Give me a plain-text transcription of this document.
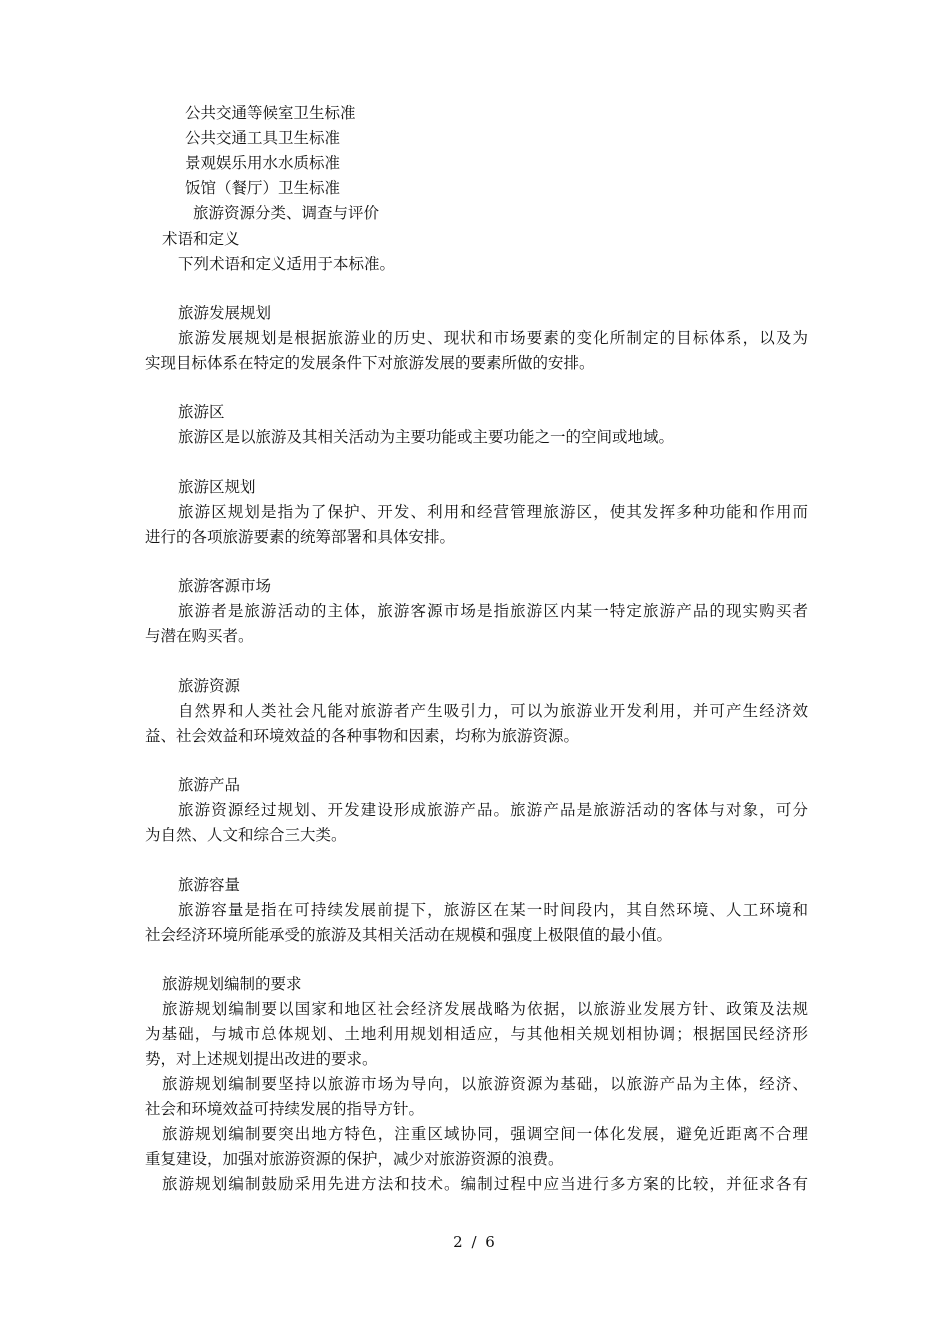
公共交通等候室卫生标准
公共交通工具卫生标准
景观娱乐用水水质标准
饭馆（餐厅）卫生标准
旅游资源分类、调查与评价
术语和定义
下列术语和定义适用于本标准。
旅游发展规划
旅游发展规划是根据旅游业的历史、现状和市场要素的变化所制定的目标体系，以及为
实现目标体系在特定的发展条件下对旅游发展的要素所做的安排。
旅游区
旅游区是以旅游及其相关活动为主要功能或主要功能之一的空间或地域。
旅游区规划
旅游区规划是指为了保护、开发、利用和经营管理旅游区，使其发挥多种功能和作用而
进行的各项旅游要素的统筹部署和具体安排。
旅游客源市场
旅游者是旅游活动的主体，旅游客源市场是指旅游区内某一特定旅游产品的现实购买者
与潜在购买者。
旅游资源
自然界和人类社会凡能对旅游者产生吸引力，可以为旅游业开发利用，并可产生经济效
益、社会效益和环境效益的各种事物和因素，均称为旅游资源。
旅游产品
旅游资源经过规划、开发建设形成旅游产品。旅游产品是旅游活动的客体与对象，可分
为自然、人文和综合三大类。
旅游容量
旅游容量是指在可持续发展前提下，旅游区在某一时间段内，其自然环境、人工环境和
社会经济环境所能承受的旅游及其相关活动在规模和强度上极限值的最小值。
旅游规划编制的要求
旅游规划编制要以国家和地区社会经济发展战略为依据，以旅游业发展方针、政策及法规
为基础，与城市总体规划、土地利用规划相适应，与其他相关规划相协调；根据国民经济形
势，对上述规划提出改进的要求。
旅游规划编制要坚持以旅游市场为导向，以旅游资源为基础，以旅游产品为主体，经济、
社会和环境效益可持续发展的指导方针。
旅游规划编制要突出地方特色，注重区域协同，强调空间一体化发展，避免近距离不合理
重复建设，加强对旅游资源的保护，减少对旅游资源的浪费。
旅游规划编制鼓励采用先进方法和技术。编制过程中应当进行多方案的比较，并征求各有
2 / 6
